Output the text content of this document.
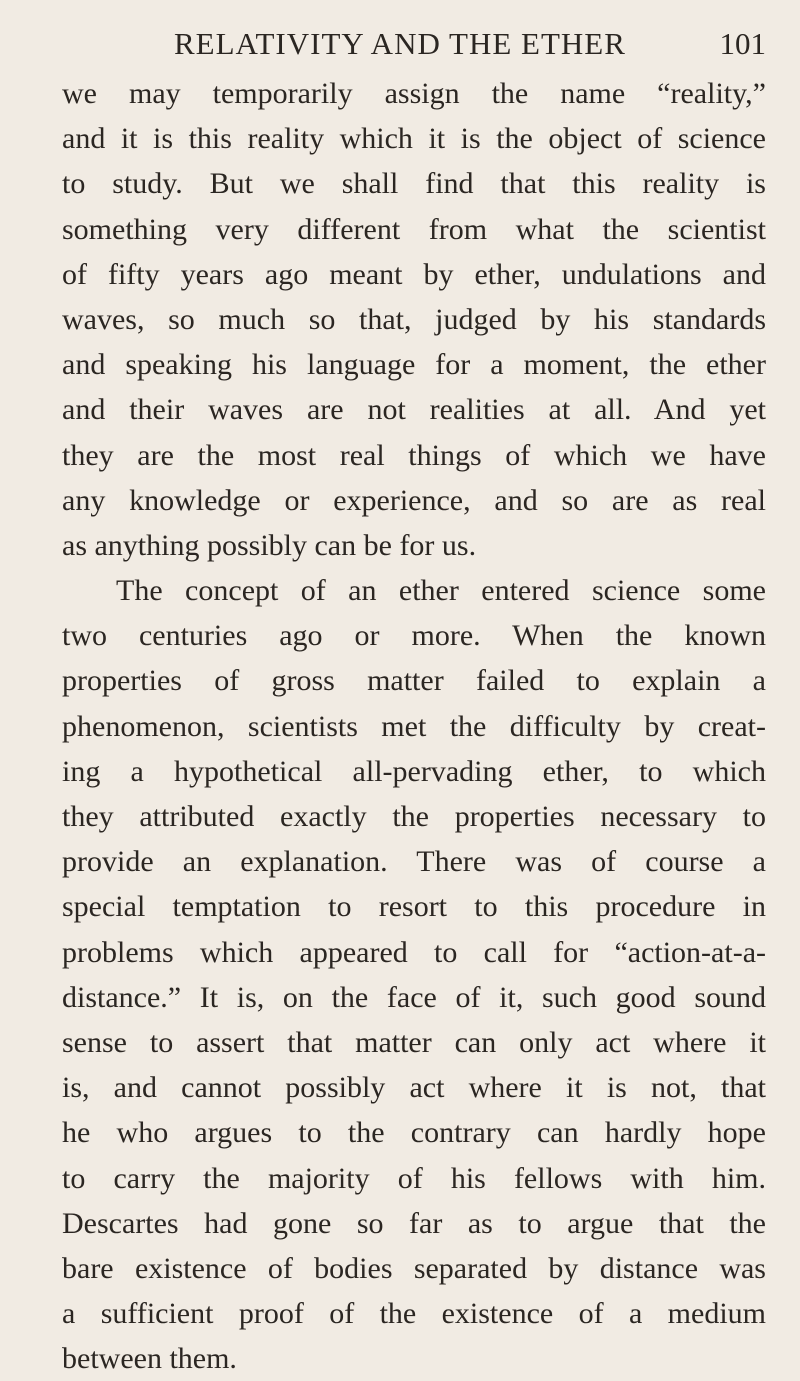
RELATIVITY AND THE ETHER	101
we may temporarily assign the name “reality,”
and it is this reality which it is the object of science
to study. But we shall find that this reality is
something very different from what the scientist
of fifty years ago meant by ether, undulations and
waves, so much so that, judged by his standards
and speaking his language for a moment, the ether
and their waves are not realities at all. And yet
they are the most real things of which we have
any knowledge or experience, and so are as real
as anything possibly can be for us.
The concept of an ether entered science some
two centuries ago or more. When the known
properties of gross matter failed to explain a
phenomenon, scientists met the difficulty by creat-
ing a hypothetical all-pervading ether, to which
they attributed exactly the properties necessary to
provide an explanation. There was of course a
special temptation to resort to this procedure in
problems which appeared to call for “action-at-a-
distance.” It is, on the face of it, such good sound
sense to assert that matter can only act where it
is, and cannot possibly act where it is not, that
he who argues to the contrary can hardly hope
to carry the majority of his fellows with him.
Descartes had gone so far as to argue that the
bare existence of bodies separated by distance was
a sufficient proof of the existence of a medium
between them.
